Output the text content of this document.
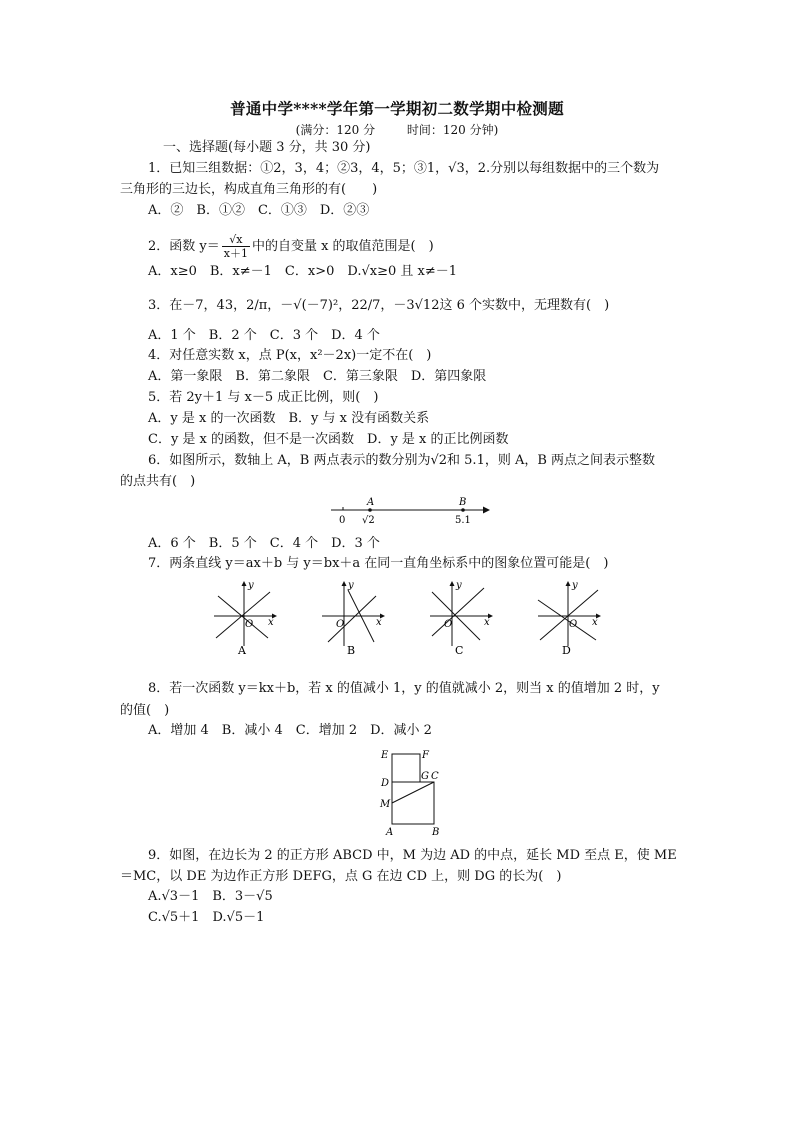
普通中学****学年第一学期初二数学期中检测题
(满分：120 分	时间：120 分钟)
一、选择题(每小题 3 分，共 30 分)
1．已知三组数据：①2，3，4；②3，4，5；③1，√3，2.分别以每组数据中的三个数为
三角形的三边长，构成直角三角形的有(　　)
A．②　B．①②　C．①③　D．②③
2．函数 $y= \frac{√x}{x+1}$ 中的自变量 x 的取值范围是(　)
A．x≥0　B．x≠－1　C．x>0　D.√x≥0 且 x≠－1
3．在－7，43，2/π，－√(－7)²，22/7，－3√12这 6 个实数中，无理数有(　)
A．1 个　B．2 个　C．3 个　D．4 个
4．对任意实数 x，点 P(x，x²－2x)一定不在(　)
A．第一象限　B．第二象限　C．第三象限　D．第四象限
5．若 2y＋1 与 x－5 成正比例，则(　)
A．y 是 x 的一次函数　B．y 与 x 没有函数关系
C．y 是 x 的函数，但不是一次函数　D．y 是 x 的正比例函数
6．如图所示，数轴上 A，B 两点表示的数分别为√2和 5.1，则 A，B 两点之间表示整数
的点共有(　)
A	B
0 √2	5.1
A．6 个　B．5 个　C．4 个　D．3 个
7．两条直线 y＝ax＋b 与 y＝bx＋a 在同一直角坐标系中的图象位置可能是(　)
y
x
O
A
y
x
O
B
y
x
O
C
y
x
O
D
8．若一次函数 y＝kx＋b，若 x 的值减小 1，y 的值就减小 2，则当 x 的值增加 2 时，y
的值(　)
A．增加 4　B．减小 4　C．增加 2　D．减小 2
E	F
D
G C
M
A	B
9．如图，在边长为 2 的正方形 ABCD 中，M 为边 AD 的中点，延长 MD 至点 E，使 ME
＝MC，以 DE 为边作正方形 DEFG，点 G 在边 CD 上，则 DG 的长为(　)
A.√3－1　B．3－√5
C.√5＋1　D.√5－1
